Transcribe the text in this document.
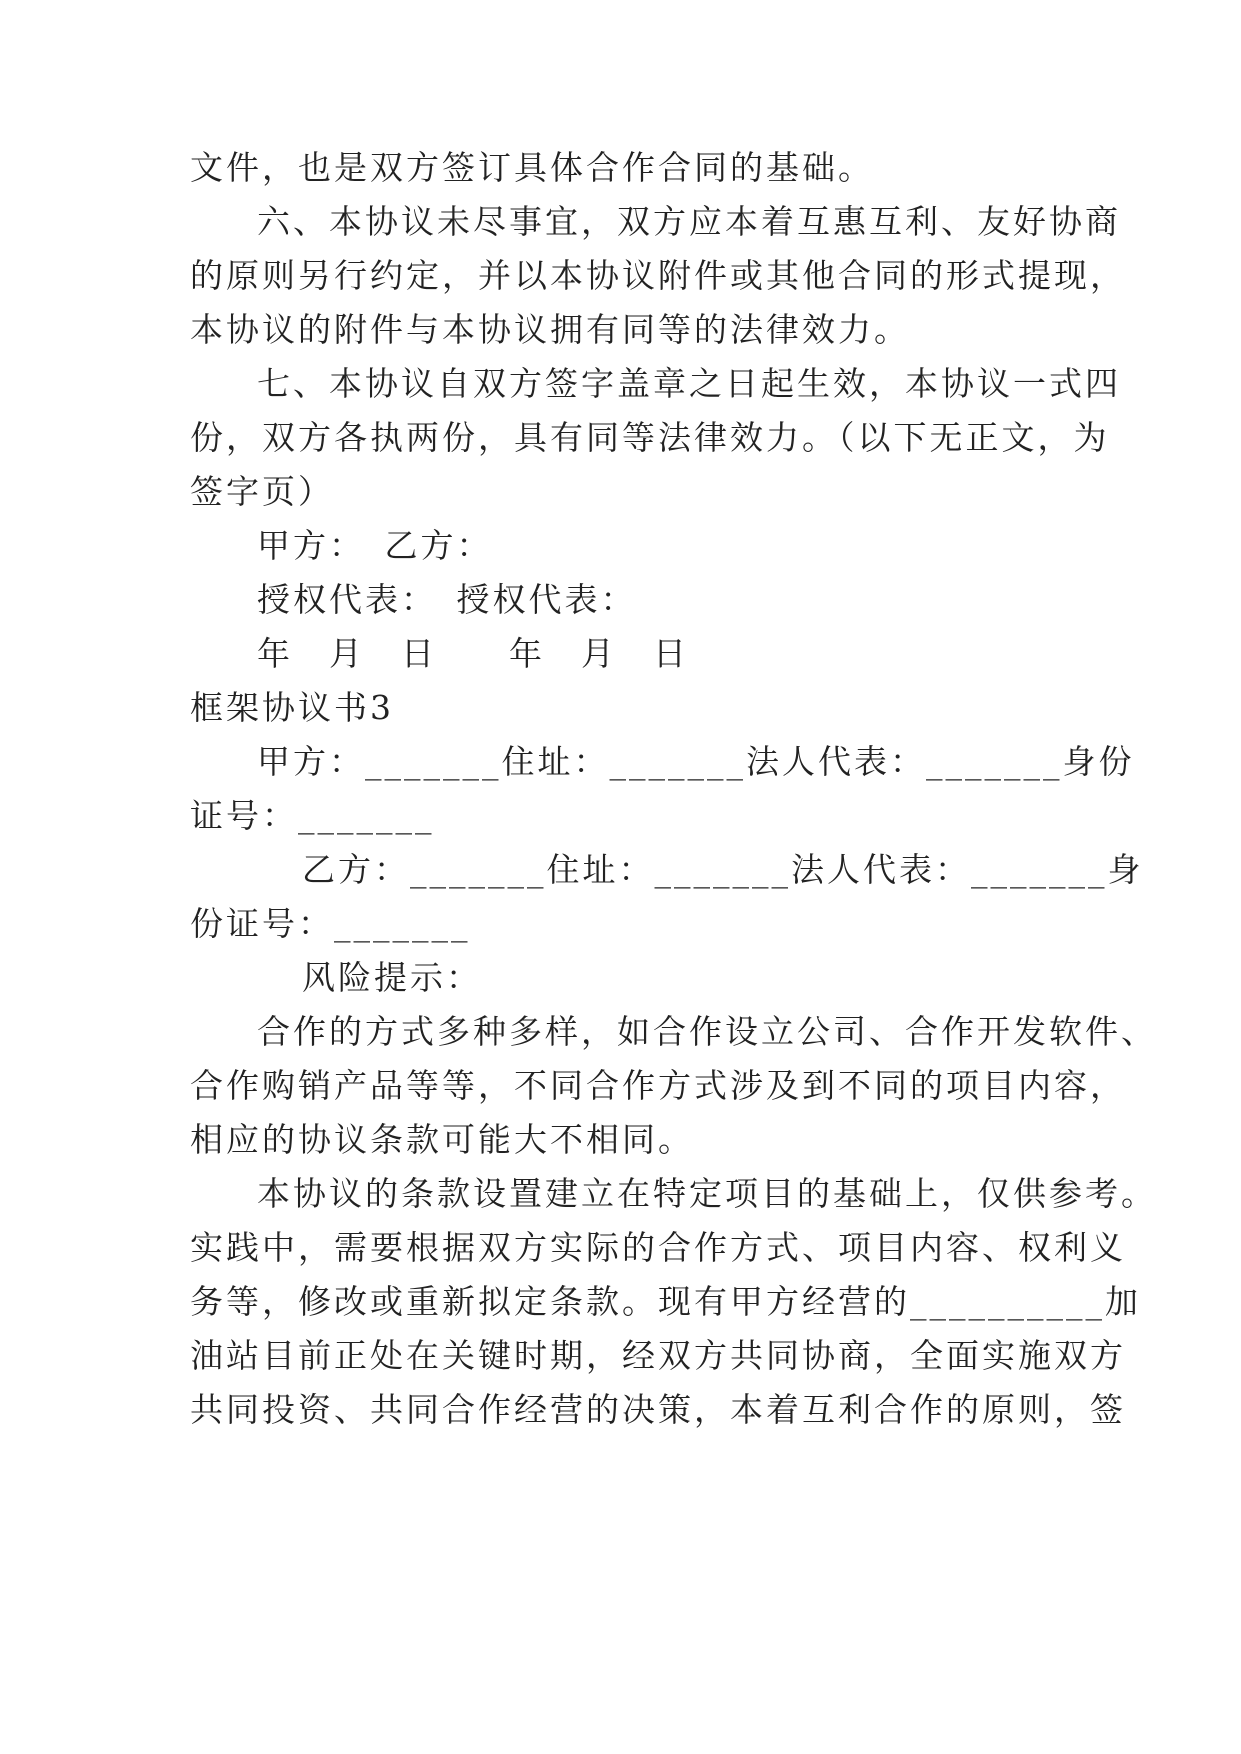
文件，也是双方签订具体合作合同的基础。
六、本协议未尽事宜，双方应本着互惠互利、友好协商
的原则另行约定，并以本协议附件或其他合同的形式提现，
本协议的附件与本协议拥有同等的法律效力。
七、本协议自双方签字盖章之日起生效，本协议一式四
份，双方各执两份，具有同等法律效力。（以下无正文，为
签字页）
甲方：　乙方：
授权代表：　授权代表：
年　月　日　　年　月　日
框架协议书3
甲方：_______住址：_______法人代表：_______身份
证号：_______
乙方：_______住址：_______法人代表：_______身
份证号：_______
风险提示：
合作的方式多种多样，如合作设立公司、合作开发软件、
合作购销产品等等，不同合作方式涉及到不同的项目内容，
相应的协议条款可能大不相同。
本协议的条款设置建立在特定项目的基础上，仅供参考。
实践中，需要根据双方实际的合作方式、项目内容、权利义
务等，修改或重新拟定条款。现有甲方经营的__________加
油站目前正处在关键时期，经双方共同协商，全面实施双方
共同投资、共同合作经营的决策，本着互利合作的原则，签
